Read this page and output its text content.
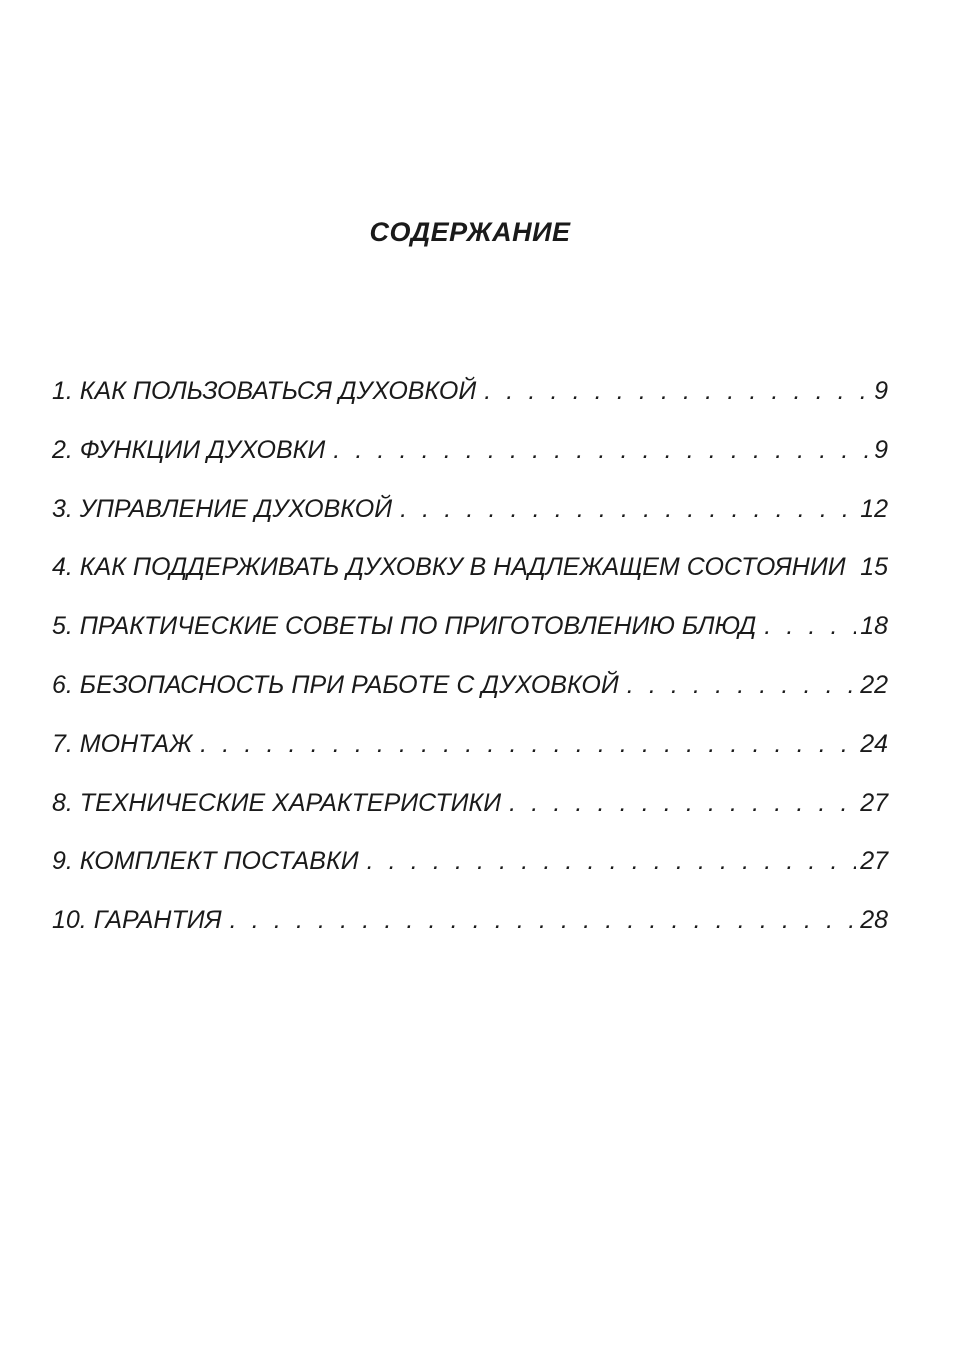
СОДЕРЖАНИЕ
1. КАК ПОЛЬЗОВАТЬСЯ ДУХОВКОЙ . . .	9
2. ФУНКЦИИ ДУХОВКИ . . .	9
3. УПРАВЛЕНИЕ ДУХОВКОЙ . . .	12
4. КАК ПОДДЕРЖИВАТЬ ДУХОВКУ В НАДЛЕЖАЩЕМ СОСТОЯНИИ 15
5. ПРАКТИЧЕСКИЕ СОВЕТЫ ПО ПРИГОТОВЛЕНИЮ БЛЮД . . .	18
6. БЕЗОПАСНОСТЬ ПРИ РАБОТЕ С ДУХОВКОЙ . . .	22
7. МОНТАЖ . . .	24
8. ТЕХНИЧЕСКИЕ ХАРАКТЕРИСТИКИ . . .	27
9. КОМПЛЕКТ ПОСТАВКИ . . .	27
10. ГАРАНТИЯ . . .	28
